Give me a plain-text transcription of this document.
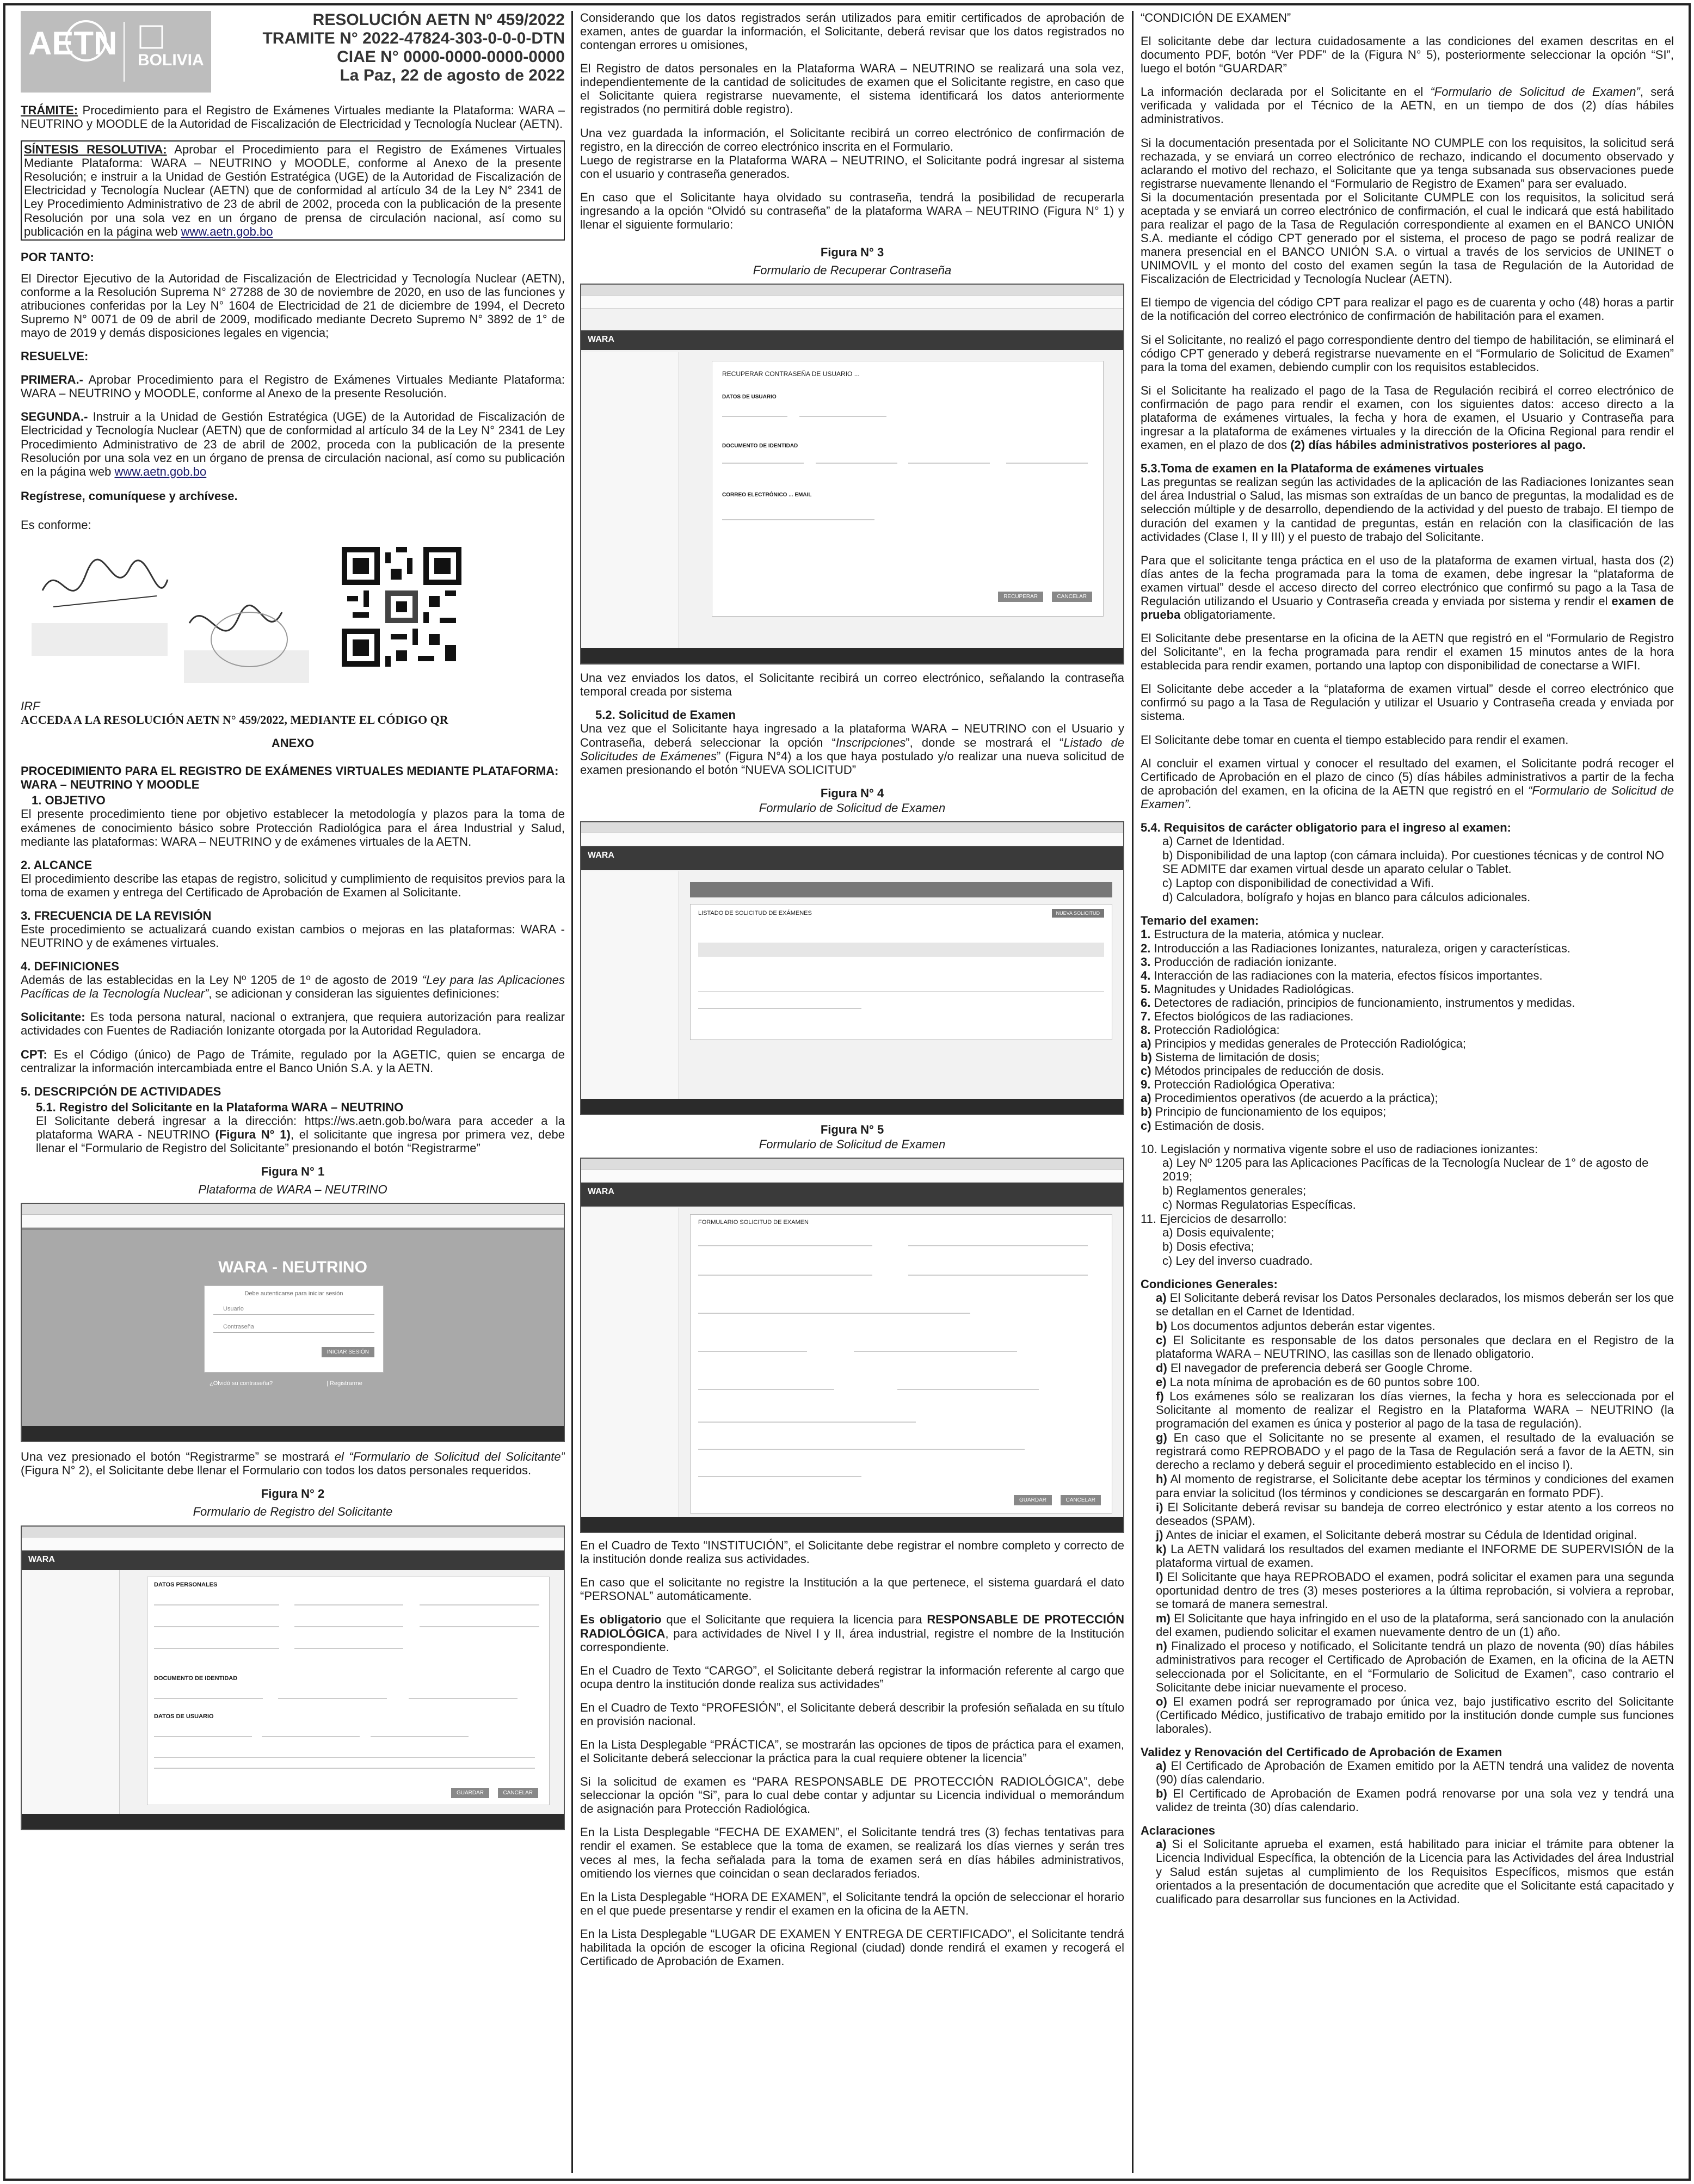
AETN BOLIVIA
RESOLUCIÓN AETN Nº 459/2022
TRAMITE N° 2022-47824-303-0-0-0-DTN
CIAE N° 0000-0000-0000-0000
La Paz, 22 de agosto de 2022

TRÁMITE: Procedimiento para el Registro de Exámenes Virtuales mediante la Plataforma: WARA – NEUTRINO y MOODLE de la Autoridad de Fiscalización de Electricidad y Tecnología Nuclear (AETN).

SÍNTESIS RESOLUTIVA: Aprobar el Procedimiento para el Registro de Exámenes Virtuales Mediante Plataforma: WARA – NEUTRINO y MOODLE, conforme al Anexo de la presente Resolución; e instruir a la Unidad de Gestión Estratégica (UGE) de la Autoridad de Fiscalización de Electricidad y Tecnología Nuclear (AETN) que de conformidad al artículo 34 de la Ley N° 2341 de Ley Procedimiento Administrativo de 23 de abril de 2002, proceda con la publicación de la presente Resolución por una sola vez en un órgano de prensa de circulación nacional, así como su publicación en la página web www.aetn.gob.bo

POR TANTO:

El Director Ejecutivo de la Autoridad de Fiscalización de Electricidad y Tecnología Nuclear (AETN), conforme a la Resolución Suprema N° 27288 de 30 de noviembre de 2020, en uso de las funciones y atribuciones conferidas por la Ley N° 1604 de Electricidad de 21 de diciembre de 1994, el Decreto Supremo N° 0071 de 09 de abril de 2009, modificado mediante Decreto Supremo N° 3892 de 1° de mayo de 2019 y demás disposiciones legales en vigencia;

RESUELVE:

PRIMERA.- Aprobar Procedimiento para el Registro de Exámenes Virtuales Mediante Plataforma: WARA – NEUTRINO y MOODLE, conforme al Anexo de la presente Resolución.

SEGUNDA.- Instruir a la Unidad de Gestión Estratégica (UGE) de la Autoridad de Fiscalización de Electricidad y Tecnología Nuclear (AETN) que de conformidad al artículo 34 de la Ley N° 2341 de Ley Procedimiento Administrativo de 23 de abril de 2002, proceda con la publicación de la presente Resolución por una sola vez en un órgano de prensa de circulación nacional, así como su publicación en la página web www.aetn.gob.bo

Regístrese, comuníquese y archívese.

Es conforme:

IRF

ACCEDA A LA RESOLUCIÓN AETN N° 459/2022, MEDIANTE EL CÓDIGO QR

ANEXO

PROCEDIMIENTO PARA EL REGISTRO DE EXÁMENES VIRTUALES MEDIANTE PLATAFORMA: WARA – NEUTRINO Y MOODLE

1. OBJETIVO

El presente procedimiento tiene por objetivo establecer la metodología y plazos para la toma de exámenes de conocimiento básico sobre Protección Radiológica para el área Industrial y Salud, mediante las plataformas: WARA – NEUTRINO y de exámenes virtuales de la AETN.

2. ALCANCE

El procedimiento describe las etapas de registro, solicitud y cumplimiento de requisitos previos para la toma de examen y entrega del Certificado de Aprobación de Examen al Solicitante.

3. FRECUENCIA DE LA REVISIÓN

Este procedimiento se actualizará cuando existan cambios o mejoras en las plataformas: WARA - NEUTRINO y de exámenes virtuales.

4. DEFINICIONES

Además de las establecidas en la Ley Nº 1205 de 1º de agosto de 2019 “Ley para las Aplicaciones Pacíficas de la Tecnología Nuclear”, se adicionan y consideran las siguientes definiciones:

Solicitante: Es toda persona natural, nacional o extranjera, que requiera autorización para realizar actividades con Fuentes de Radiación Ionizante otorgada por la Autoridad Reguladora.

CPT: Es el Código (único) de Pago de Trámite, regulado por la AGETIC, quien se encarga de centralizar la información intercambiada entre el Banco Unión S.A. y la AETN.

5. DESCRIPCIÓN DE ACTIVIDADES

5.1. Registro del Solicitante en la Plataforma WARA – NEUTRINO

El Solicitante deberá ingresar a la dirección: https://ws.aetn.gob.bo/wara para acceder a la plataforma WARA - NEUTRINO (Figura N° 1), el solicitante que ingresa por primera vez, debe llenar el “Formulario de Registro del Solicitante” presionando el botón “Registrarme”

Figura N° 1

Plataforma de WARA – NEUTRINO

WARA - NEUTRINO
Debe autenticarse para iniciar sesión
Usuario
Contraseña
INICIAR SESIÓN
¿Olvidó su contraseña?	| Registrarme

Una vez presionado el botón “Registrarme” se mostrará el “Formulario de Solicitud del Solicitante” (Figura N° 2), el Solicitante debe llenar el Formulario con todos los datos personales requeridos.

Figura N° 2

Formulario de Registro del Solicitante

WARA
DATOS PERSONALES
DOCUMENTO DE IDENTIDAD
DATOS DE USUARIO
GUARDAR	CANCELAR

Considerando que los datos registrados serán utilizados para emitir certificados de aprobación de examen, antes de guardar la información, el Solicitante, deberá revisar que los datos registrados no contengan errores u omisiones,

El Registro de datos personales en la Plataforma WARA – NEUTRINO se realizará una sola vez, independientemente de la cantidad de solicitudes de examen que el Solicitante registre, en caso que el Solicitante quiera registrarse nuevamente, el sistema identificará los datos anteriormente registrados (no permitirá doble registro).

Una vez guardada la información, el Solicitante recibirá un correo electrónico de confirmación de registro, en la dirección de correo electrónico inscrita en el Formulario.

Luego de registrarse en la Plataforma WARA – NEUTRINO, el Solicitante podrá ingresar al sistema con el usuario y contraseña generados.

En caso que el Solicitante haya olvidado su contraseña, tendrá la posibilidad de recuperarla ingresando a la opción “Olvidó su contraseña” de la plataforma WARA – NEUTRINO (Figura N° 1) y llenar el siguiente formulario:

Figura N° 3

Formulario de Recuperar Contraseña

WARA
RECUPERAR CONTRASEÑA DE USUARIO ...
DATOS DE USUARIO
DOCUMENTO DE IDENTIDAD
CORREO ELECTRÓNICO ... EMAIL
RECUPERAR	CANCELAR

Una vez enviados los datos, el Solicitante recibirá un correo electrónico, señalando la contraseña temporal creada por sistema

5.2. Solicitud de Examen

Una vez que el Solicitante haya ingresado a la plataforma WARA – NEUTRINO con el Usuario y Contraseña, deberá seleccionar la opción “Inscripciones”, donde se mostrará el “Listado de Solicitudes de Exámenes” (Figura N°4) a los que haya postulado y/o realizar una nueva solicitud de examen presionando el botón “NUEVA SOLICITUD”

Figura N° 4

Formulario de Solicitud de Examen

WARA
LISTADO DE SOLICITUD DE EXÁMENES	NUEVA SOLICITUD

Figura N° 5

Formulario de Solicitud de Examen

WARA
FORMULARIO SOLICITUD DE EXAMEN
GUARDAR	CANCELAR

En el Cuadro de Texto “INSTITUCIÓN”, el Solicitante debe registrar el nombre completo y correcto de la institución donde realiza sus actividades.

En caso que el solicitante no registre la Institución a la que pertenece, el sistema guardará el dato “PERSONAL” automáticamente.

Es obligatorio que el Solicitante que requiera la licencia para RESPONSABLE DE PROTECCIÓN RADIOLÓGICA, para actividades de Nivel I y II, área industrial, registre el nombre de la Institución correspondiente.

En el Cuadro de Texto “CARGO”, el Solicitante deberá registrar la información referente al cargo que ocupa dentro la institución donde realiza sus actividades”

En el Cuadro de Texto “PROFESIÓN”, el Solicitante deberá describir la profesión señalada en su título en provisión nacional.

En la Lista Desplegable “PRÁCTICA”, se mostrarán las opciones de tipos de práctica para el examen, el Solicitante deberá seleccionar la práctica para la cual requiere obtener la licencia”

Si la solicitud de examen es “PARA RESPONSABLE DE PROTECCIÓN RADIOLÓGICA”, debe seleccionar la opción “Si”, para lo cual debe contar y adjuntar su Licencia individual o memorándum de asignación para Protección Radiológica.

En la Lista Desplegable “FECHA DE EXAMEN”, el Solicitante tendrá tres (3) fechas tentativas para rendir el examen. Se establece que la toma de examen, se realizará los días viernes y serán tres veces al mes, la fecha señalada para la toma de examen será en días hábiles administrativos, omitiendo los viernes que coincidan o sean declarados feriados.

En la Lista Desplegable “HORA DE EXAMEN”, el Solicitante tendrá la opción de seleccionar el horario en el que puede presentarse y rendir el examen en la oficina de la AETN.

En la Lista Desplegable “LUGAR DE EXAMEN Y ENTREGA DE CERTIFICADO”, el Solicitante tendrá habilitada la opción de escoger la oficina Regional (ciudad) donde rendirá el examen y recogerá el Certificado de Aprobación de Examen.

“CONDICIÓN DE EXAMEN”

El solicitante debe dar lectura cuidadosamente a las condiciones del examen descritas en el documento PDF, botón “Ver PDF” de la (Figura N° 5), posteriormente seleccionar la opción “SI”, luego el botón “GUARDAR”

La información declarada por el Solicitante en el “Formulario de Solicitud de Examen”, será verificada y validada por el Técnico de la AETN, en un tiempo de dos (2) días hábiles administrativos.

Si la documentación presentada por el Solicitante NO CUMPLE con los requisitos, la solicitud será rechazada, y se enviará un correo electrónico de rechazo, indicando el documento observado y aclarando el motivo del rechazo, el Solicitante que ya tenga subsanada sus observaciones puede registrarse nuevamente llenando el “Formulario de Registro de Examen” para ser evaluado.

Si la documentación presentada por el Solicitante CUMPLE con los requisitos, la solicitud será aceptada y se enviará un correo electrónico de confirmación, el cual le indicará que está habilitado para realizar el pago de la Tasa de Regulación correspondiente al examen en el BANCO UNIÓN S.A. mediante el código CPT generado por el sistema, el proceso de pago se podrá realizar de manera presencial en el BANCO UNIÓN S.A. o virtual a través de los servicios de UNINET o UNIMOVIL y el monto del costo del examen según la tasa de Regulación de la Autoridad de Fiscalización de Electricidad y Tecnología Nuclear (AETN).

El tiempo de vigencia del código CPT para realizar el pago es de cuarenta y ocho (48) horas a partir de la notificación del correo electrónico de confirmación de habilitación para el examen.

Si el Solicitante, no realizó el pago correspondiente dentro del tiempo de habilitación, se eliminará el código CPT generado y deberá registrarse nuevamente en el “Formulario de Solicitud de Examen” para la toma del examen, debiendo cumplir con los requisitos establecidos.

Si el Solicitante ha realizado el pago de la Tasa de Regulación recibirá el correo electrónico de confirmación de pago para rendir el examen, con los siguientes datos: acceso directo a la plataforma de exámenes virtuales, la fecha y hora de examen, el Usuario y Contraseña para ingresar a la plataforma de exámenes virtuales y la dirección de la Oficina Regional para rendir el examen, en el plazo de dos (2) días hábiles administrativos posteriores al pago.

5.3.Toma de examen en la Plataforma de exámenes virtuales

Las preguntas se realizan según las actividades de la aplicación de las Radiaciones Ionizantes sean del área Industrial o Salud, las mismas son extraídas de un banco de preguntas, la modalidad es de selección múltiple y de desarrollo, dependiendo de la actividad y del puesto de trabajo. El tiempo de duración del examen y la cantidad de preguntas, están en relación con la clasificación de las actividades (Clase I, II y III) y el puesto de trabajo del Solicitante.

Para que el solicitante tenga práctica en el uso de la plataforma de examen virtual, hasta dos (2) días antes de la fecha programada para la toma de examen, debe ingresar la “plataforma de examen virtual” desde el acceso directo del correo electrónico que confirmó su pago a la Tasa de Regulación utilizando el Usuario y Contraseña creada y enviada por sistema y rendir el examen de prueba obligatoriamente.

El Solicitante debe presentarse en la oficina de la AETN que registró en el “Formulario de Registro del Solicitante”, en la fecha programada para rendir el examen 15 minutos antes de la hora establecida para rendir examen, portando una laptop con disponibilidad de conectarse a WIFI.

El Solicitante debe acceder a la “plataforma de examen virtual” desde el correo electrónico que confirmó su pago a la Tasa de Regulación y utilizar el Usuario y Contraseña creada y enviada por sistema.

El Solicitante debe tomar en cuenta el tiempo establecido para rendir el examen.

Al concluir el examen virtual y conocer el resultado del examen, el Solicitante podrá recoger el Certificado de Aprobación en el plazo de cinco (5) días hábiles administrativos a partir de la fecha de aprobación del examen, en la oficina de la AETN que registró en el “Formulario de Solicitud de Examen”.

5.4. Requisitos de carácter obligatorio para el ingreso al examen:

a) Carnet de Identidad.
b) Disponibilidad de una laptop (con cámara incluida). Por cuestiones técnicas y de control NO SE ADMITE dar examen virtual desde un aparato celular o Tablet.
c) Laptop con disponibilidad de conectividad a Wifi.
d) Calculadora, bolígrafo y hojas en blanco para cálculos adicionales.

Temario del examen:

1. Estructura de la materia, atómica y nuclear.
2. Introducción a las Radiaciones Ionizantes, naturaleza, origen y características.
3. Producción de radiación ionizante.
4. Interacción de las radiaciones con la materia, efectos físicos importantes.
5. Magnitudes y Unidades Radiológicas.
6. Detectores de radiación, principios de funcionamiento, instrumentos y medidas.
7. Efectos biológicos de las radiaciones.
8. Protección Radiológica:
a) Principios y medidas generales de Protección Radiológica;
b) Sistema de limitación de dosis;
c) Métodos principales de reducción de dosis.
9. Protección Radiológica Operativa:
a) Procedimientos operativos (de acuerdo a la práctica);
b) Principio de funcionamiento de los equipos;
c) Estimación de dosis.

10. Legislación y normativa vigente sobre el uso de radiaciones ionizantes:

a) Ley Nº 1205 para las Aplicaciones Pacíficas de la Tecnología Nuclear de 1° de agosto de 2019;
b) Reglamentos generales;
c) Normas Regulatorias Específicas.

11. Ejercicios de desarrollo:

a) Dosis equivalente;
b) Dosis efectiva;
c) Ley del inverso cuadrado.

Condiciones Generales:

a) El Solicitante deberá revisar los Datos Personales declarados, los mismos deberán ser los que se detallan en el Carnet de Identidad.
b) Los documentos adjuntos deberán estar vigentes.
c) El Solicitante es responsable de los datos personales que declara en el Registro de la plataforma WARA – NEUTRINO, las casillas son de llenado obligatorio.
d) El navegador de preferencia deberá ser Google Chrome.
e) La nota mínima de aprobación es de 60 puntos sobre 100.
f) Los exámenes sólo se realizaran los días viernes, la fecha y hora es seleccionada por el Solicitante al momento de realizar el Registro en la Plataforma WARA – NEUTRINO (la programación del examen es única y posterior al pago de la tasa de regulación).
g) En caso que el Solicitante no se presente al examen, el resultado de la evaluación se registrará como REPROBADO y el pago de la Tasa de Regulación será a favor de la AETN, sin derecho a reclamo y deberá seguir el procedimiento establecido en el inciso I).
h) Al momento de registrarse, el Solicitante debe aceptar los términos y condiciones del examen para enviar la solicitud (los términos y condiciones se descargarán en formato PDF).
i) El Solicitante deberá revisar su bandeja de correo electrónico y estar atento a los correos no deseados (SPAM).
j) Antes de iniciar el examen, el Solicitante deberá mostrar su Cédula de Identidad original.
k) La AETN validará los resultados del examen mediante el INFORME DE SUPERVISIÓN de la plataforma virtual de examen.
l) El Solicitante que haya REPROBADO el examen, podrá solicitar el examen para una segunda oportunidad dentro de tres (3) meses posteriores a la última reprobación, si volviera a reprobar, se tomará de manera semestral.
m) El Solicitante que haya infringido en el uso de la plataforma, será sancionado con la anulación del examen, pudiendo solicitar el examen nuevamente dentro de un (1) año.
n) Finalizado el proceso y notificado, el Solicitante tendrá un plazo de noventa (90) días hábiles administrativos para recoger el Certificado de Aprobación de Examen, en la oficina de la AETN seleccionada por el Solicitante, en el “Formulario de Solicitud de Examen”, caso contrario el Solicitante debe iniciar nuevamente el proceso.
o) El examen podrá ser reprogramado por única vez, bajo justificativo escrito del Solicitante (Certificado Médico, justificativo de trabajo emitido por la institución donde cumple sus funciones laborales).

Validez y Renovación del Certificado de Aprobación de Examen

a) El Certificado de Aprobación de Examen emitido por la AETN tendrá una validez de noventa (90) días calendario.
b) El Certificado de Aprobación de Examen podrá renovarse por una sola vez y tendrá una validez de treinta (30) días calendario.

Aclaraciones

a) Si el Solicitante aprueba el examen, está habilitado para iniciar el trámite para obtener la Licencia Individual Específica, la obtención de la Licencia para las Actividades del área Industrial y Salud están sujetas al cumplimiento de los Requisitos Específicos, mismos que están orientados a la presentación de documentación que acredite que el Solicitante está capacitado y cualificado para desarrollar sus funciones en la Actividad.
